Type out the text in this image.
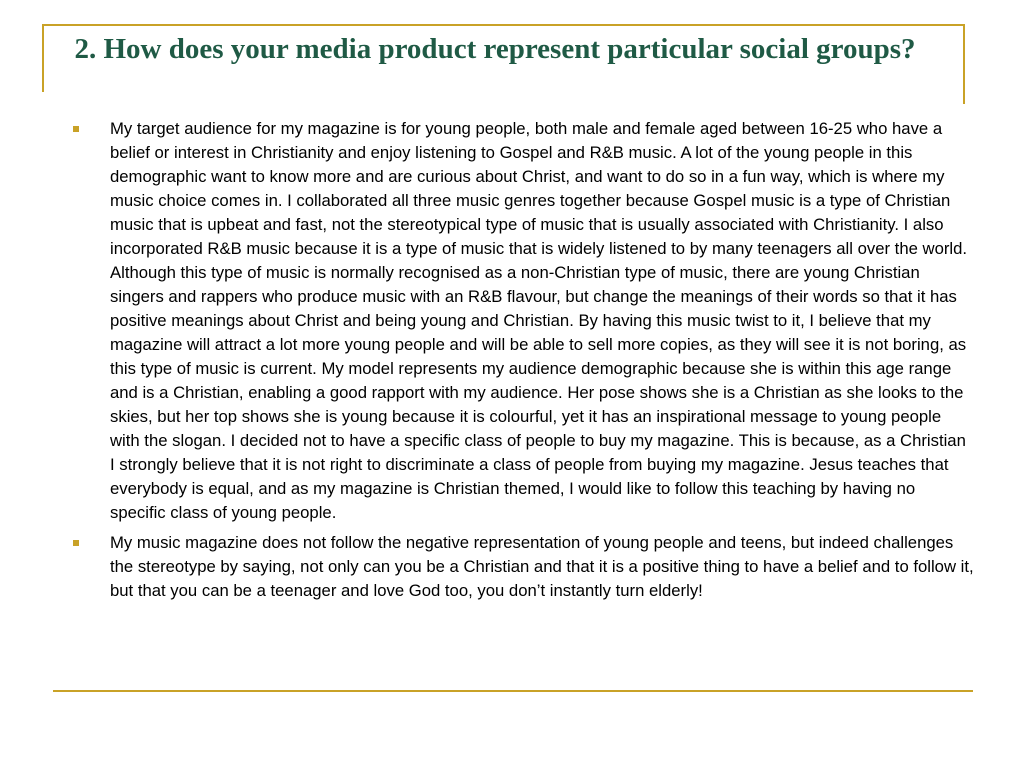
2. How does your media product represent particular social groups?
My target audience for my magazine is for young people, both male and female aged between 16-25 who have a belief or interest in Christianity and enjoy listening to Gospel and R&B music. A lot of the young people in this demographic want to know more and are curious about Christ, and want to do so in a fun way, which is where my music choice comes in. I collaborated all three music genres together because Gospel music is a type of Christian music that is upbeat and fast, not the stereotypical type of music that is usually associated with Christianity. I also incorporated R&B music because it is a type of music that is widely listened to by many teenagers all over the world. Although this type of music is normally recognised as a non-Christian type of music, there are young Christian singers and rappers who produce music with an R&B flavour, but change the meanings of their words so that it has positive meanings about Christ and being young and Christian. By having this music twist to it, I believe that my magazine will attract a lot more young people and will be able to sell more copies, as they will see it is not boring, as this type of music is current. My model represents my audience demographic because she is within this age range and is a Christian, enabling a good rapport with my audience. Her pose shows she is a Christian as she looks to the skies, but her top shows she is young because it is colourful, yet it has an inspirational message to young people with the slogan. I decided not to have a specific class of people to buy my magazine. This is because, as a Christian I strongly believe that it is not right to discriminate a class of people from buying my magazine. Jesus teaches that everybody is equal, and as my magazine is Christian themed, I would like to follow this teaching by having no specific class of young people.
My music magazine does not follow the negative representation of young people and teens, but indeed challenges the stereotype by saying, not only can you be a Christian and that it is a positive thing to have a belief and to follow it, but that you can be a teenager and love God too, you don’t instantly turn elderly!
